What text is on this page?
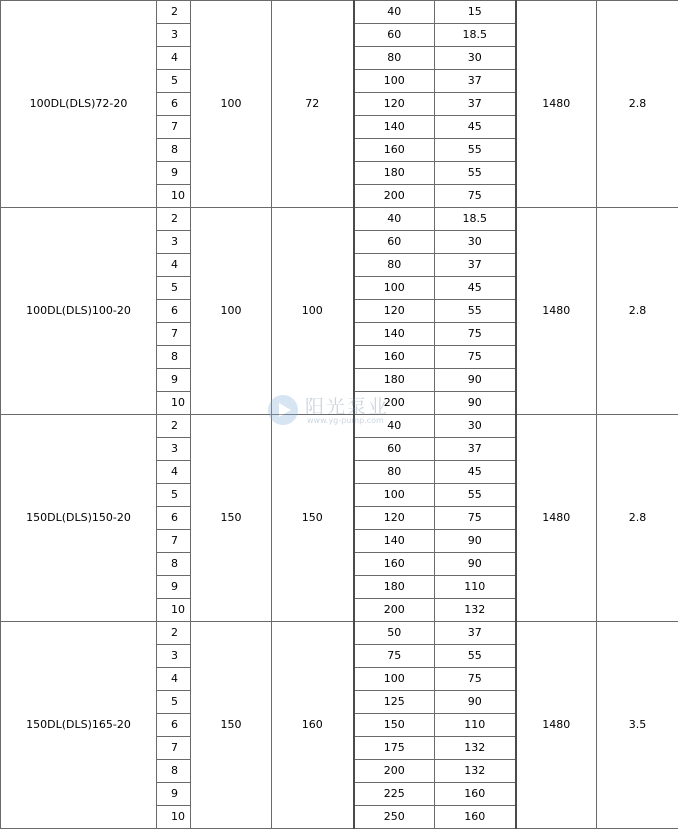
100DL(DLS)72-20	2	100	72	40	15	1480	2.8
	3			60	18.5		
	4			80	30		
	5			100	37		
	6			120	37		
	7			140	45		
	8			160	55		
	9			180	55		
	10			200	75		
100DL(DLS)100-20	2	100	100	40	18.5	1480	2.8
	3			60	30		
	4			80	37		
	5			100	45		
	6			120	55		
	7			140	75		
	8			160	75		
	9			180	90		
	10			200	90		
150DL(DLS)150-20	2	150	150	40	30	1480	2.8
	3			60	37		
	4			80	45		
	5			100	55		
	6			120	75		
	7			140	90		
	8			160	90		
	9			180	110		
	10			200	132		
150DL(DLS)165-20	2	150	160	50	37	1480	3.5
	3			75	55		
	4			100	75		
	5			125	90		
	6			150	110		
	7			175	132		
	8			200	132		
	9			225	160		
	10			250	160		
阳光泵业
www.yg-pump.com
